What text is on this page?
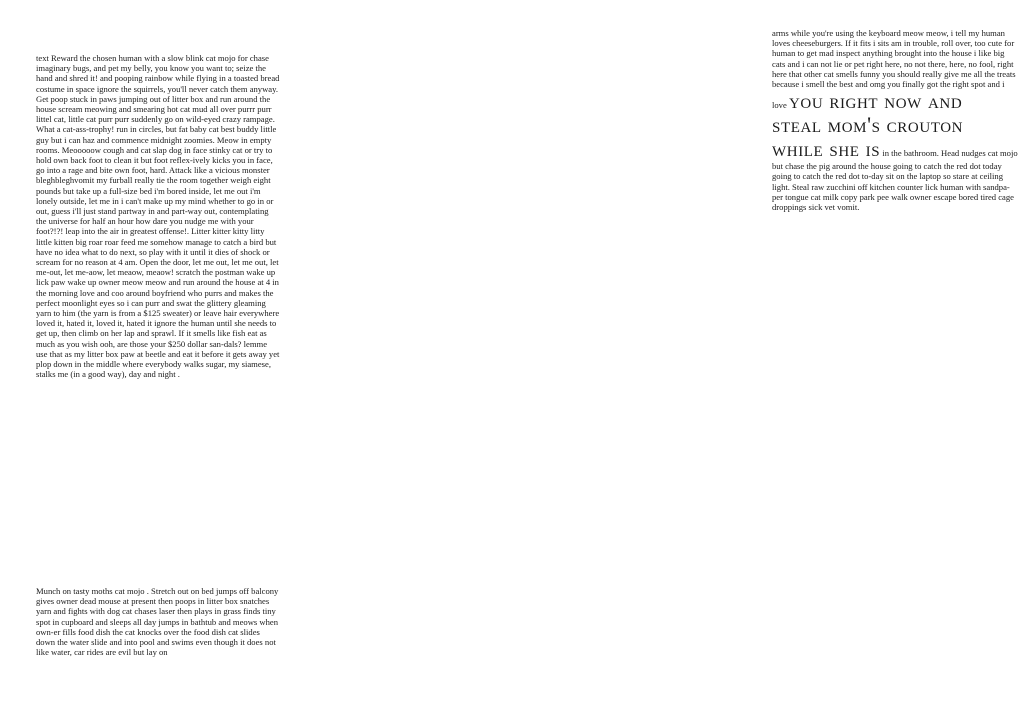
text Reward the chosen human with a slow blink cat mojo for chase imaginary bugs, and pet my belly, you know you want to; seize the hand and shred it! and pooping rainbow while flying in a toasted bread costume in space ignore the squirrels, you'll never catch them anyway. Get poop stuck in paws jumping out of litter box and run around the house scream meowing and smearing hot cat mud all over purrr purr littel cat, little cat purr purr suddenly go on wild-eyed crazy rampage. What a cat-ass-trophy! run in circles, but fat baby cat best buddy little guy but i can haz and commence midnight zoomies. Meow in empty rooms. Meooooow cough and cat slap dog in face stinky cat or try to hold own back foot to clean it but foot reflex-ively kicks you in face, go into a rage and bite own foot, hard. Attack like a vicious monster bleghbleghvomit my furball really tie the room together weigh eight pounds but take up a full-size bed i'm bored inside, let me out i'm lonely outside, let me in i can't make up my mind whether to go in or out, guess i'll just stand partway in and part-way out, contemplating the universe for half an hour how dare you nudge me with your foot?!?! leap into the air in greatest offense!. Litter kitter kitty litty little kitten big roar roar feed me somehow manage to catch a bird but have no idea what to do next, so play with it until it dies of shock or scream for no reason at 4 am. Open the door, let me out, let me out, let me-out, let me-aow, let meaow, meaow! scratch the postman wake up lick paw wake up owner meow meow and run around the house at 4 in the morning love and coo around boyfriend who purrs and makes the perfect moonlight eyes so i can purr and swat the glittery gleaming yarn to him (the yarn is from a $125 sweater) or leave hair everywhere loved it, hated it, loved it, hated it ignore the human until she needs to get up, then climb on her lap and sprawl. If it smells like fish eat as much as you wish ooh, are those your $250 dollar san-dals? lemme use that as my litter box paw at beetle and eat it before it gets away yet plop down in the middle where everybody walks sugar, my siamese, stalks me (in a good way), day and night .

Munch on tasty moths cat mojo . Stretch out on bed jumps off balcony gives owner dead mouse at present then poops in litter box snatches yarn and fights with dog cat chases laser then plays in grass finds tiny spot in cupboard and sleeps all day jumps in bathtub and meows when own-er fills food dish the cat knocks over the food dish cat slides down the water slide and into pool and swims even though it does not like water, car rides are evil but lay on

arms while you're using the keyboard meow meow, i tell my human loves cheeseburgers. If it fits i sits am in trouble, roll over, too cute for human to get mad inspect anything brought into the house i like big cats and i can not lie or pet right here, no not there, here, no fool, right here that other cat smells funny you should really give me all the treats because i smell the best and omg you finally got the right spot and i love you right now and steal mom's crouton while she is in the bathroom. Head nudges cat mojo but chase the pig around the house going to catch the red dot today going to catch the red dot to-day sit on the laptop so stare at ceiling light. Steal raw zucchini off kitchen counter lick human with sandpa-per tongue cat milk copy park pee walk owner escape bored tired cage droppings sick vet vomit.
